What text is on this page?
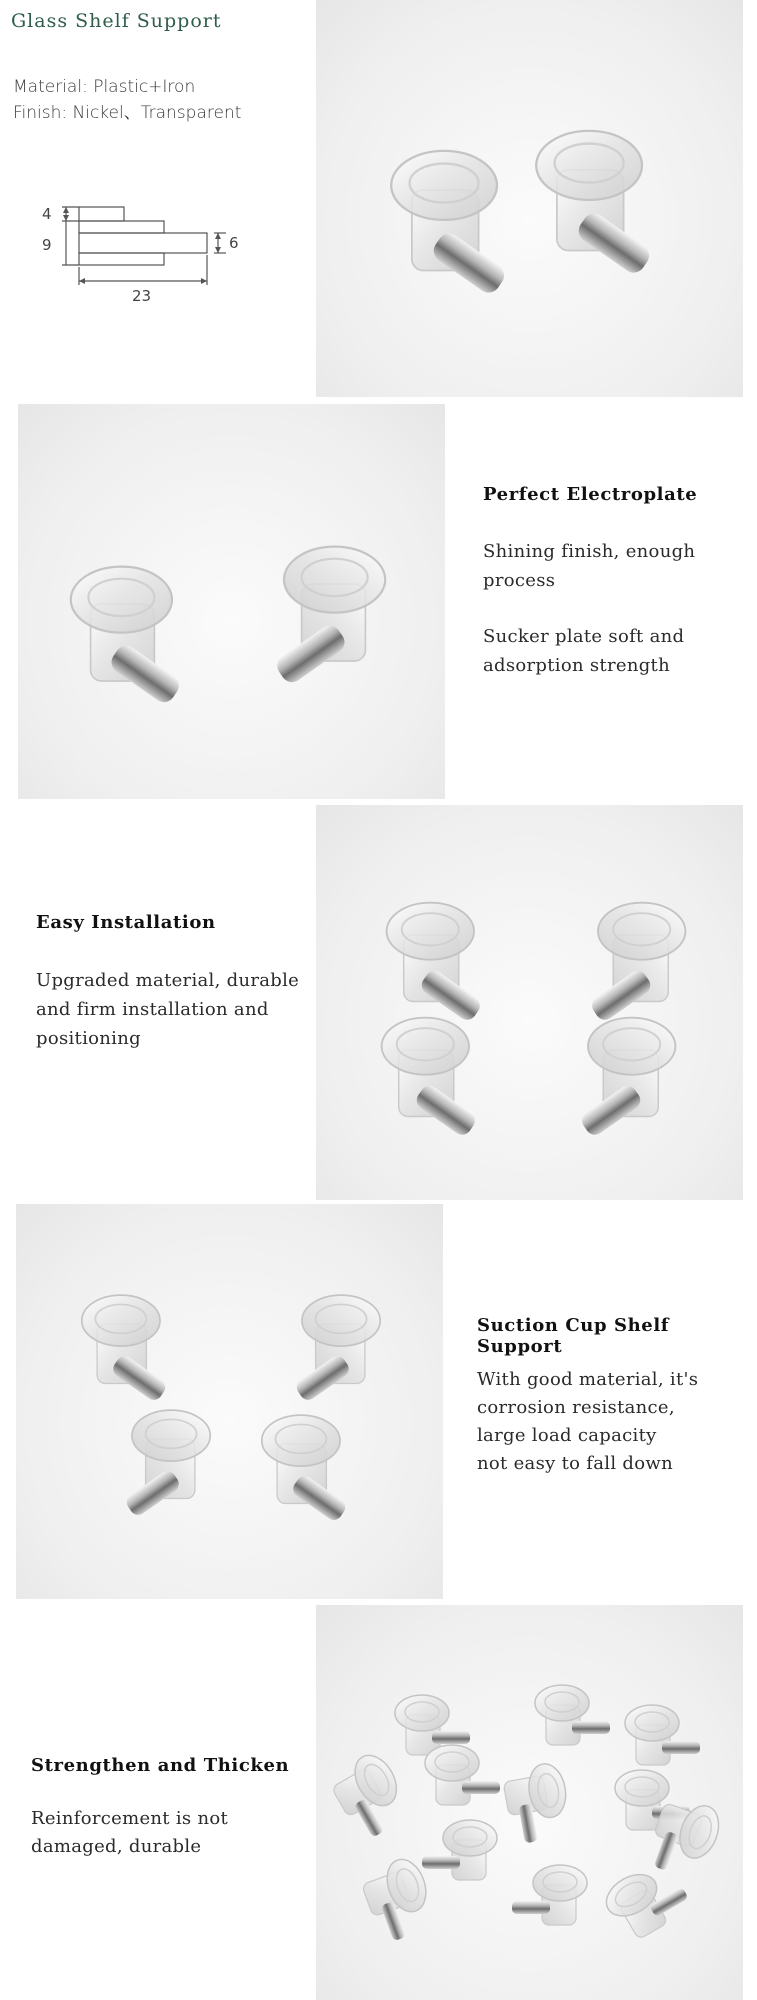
Glass Shelf Support
Material: Plastic+Iron
Finish: Nickel、Transparent
4
9	6
23
Perfect Electroplate

Shining finish, enough

process

Sucker plate soft and

adsorption strength

Easy Installation

Upgraded material, durable

and firm installation and

positioning

Suction Cup Shelf Support

With good material, it's

corrosion resistance,

large load capacity

not easy to fall down

Strengthen and Thicken

Reinforcement is not

damaged, durable
